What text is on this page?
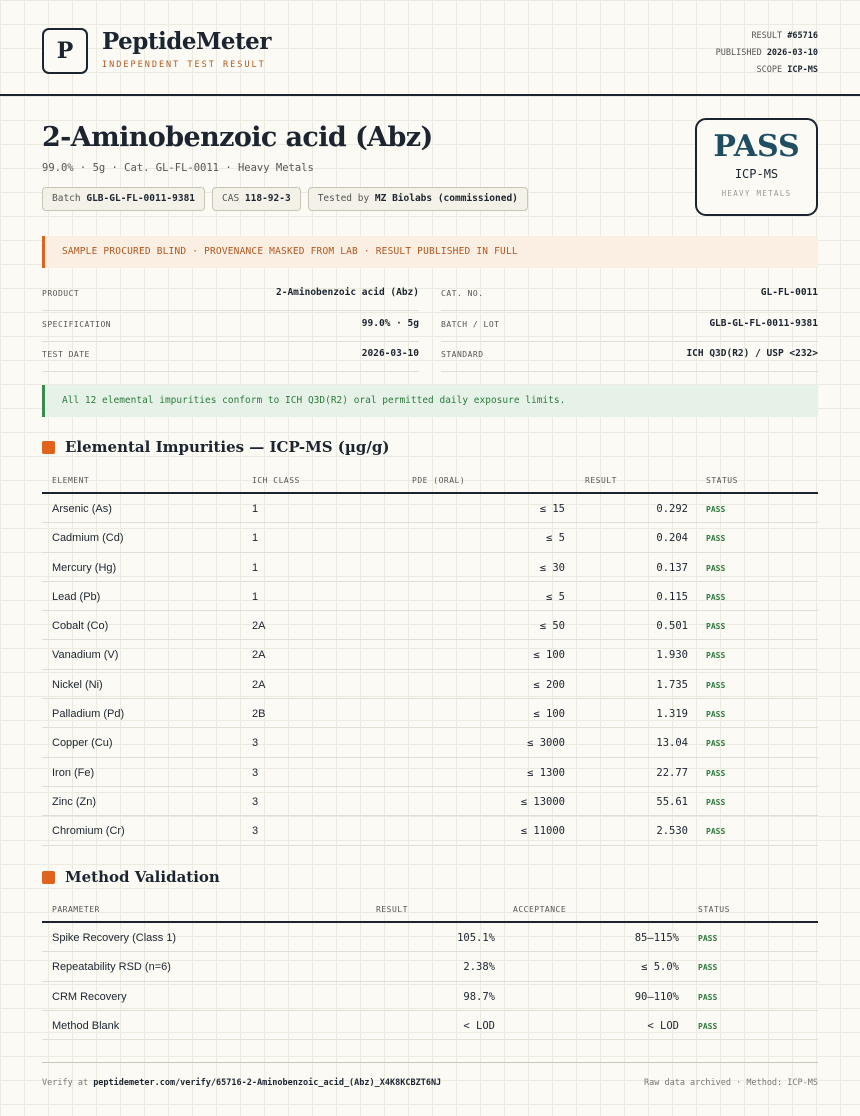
P	PeptideMeter
INDEPENDENT TEST RESULT
RESULT #65716
PUBLISHED 2026-03-10
SCOPE ICP-MS
2-Aminobenzoic acid (Abz)
99.0% · 5g · Cat. GL-FL-0011 · Heavy Metals
Batch GLB-GL-FL-0011-9381	CAS 118-92-3	Tested by MZ Biolabs (commissioned)
PASS
ICP-MS
HEAVY METALS
SAMPLE PROCURED BLIND · PROVENANCE MASKED FROM LAB · RESULT PUBLISHED IN FULL
PRODUCT	2-Aminobenzoic acid (Abz)
SPECIFICATION	99.0% · 5g
TEST DATE	2026-03-10
CAT. NO.	GL-FL-0011
BATCH / LOT	GLB-GL-FL-0011-9381
STANDARD	ICH Q3D(R2) / USP <232>
All 12 elemental impurities conform to ICH Q3D(R2) oral permitted daily exposure limits.
Elemental Impurities — ICP-MS (µg/g)
ELEMENT	ICH CLASS	PDE (ORAL)	RESULT	STATUS
Arsenic (As)	1	≤ 15	0.292 PASS
Cadmium (Cd)	1	≤ 5	0.204 PASS
Mercury (Hg)	1	≤ 30	0.137 PASS
Lead (Pb)	1	≤ 5	0.115 PASS
Cobalt (Co)	2A	≤ 50	0.501 PASS
Vanadium (V)	2A	≤ 100	1.930 PASS
Nickel (Ni)	2A	≤ 200	1.735 PASS
Palladium (Pd)	2B	≤ 100	1.319 PASS
Copper (Cu)	3	≤ 3000	13.04 PASS
Iron (Fe)	3	≤ 1300	22.77 PASS
Zinc (Zn)	3	≤ 13000	55.61 PASS
Chromium (Cr)	3	≤ 11000	2.530 PASS
Method Validation
PARAMETER	RESULT	ACCEPTANCE	STATUS
Spike Recovery (Class 1)	105.1%	85–115% PASS
Repeatability RSD (n=6)	2.38%	≤ 5.0% PASS
CRM Recovery	98.7%	90–110% PASS
Method Blank	< LOD	< LOD PASS
Verify at peptidemeter.com/verify/65716-2-Aminobenzoic_acid_(Abz)_X4K8KCBZT6NJ	Raw data archived · Method: ICP-MS
